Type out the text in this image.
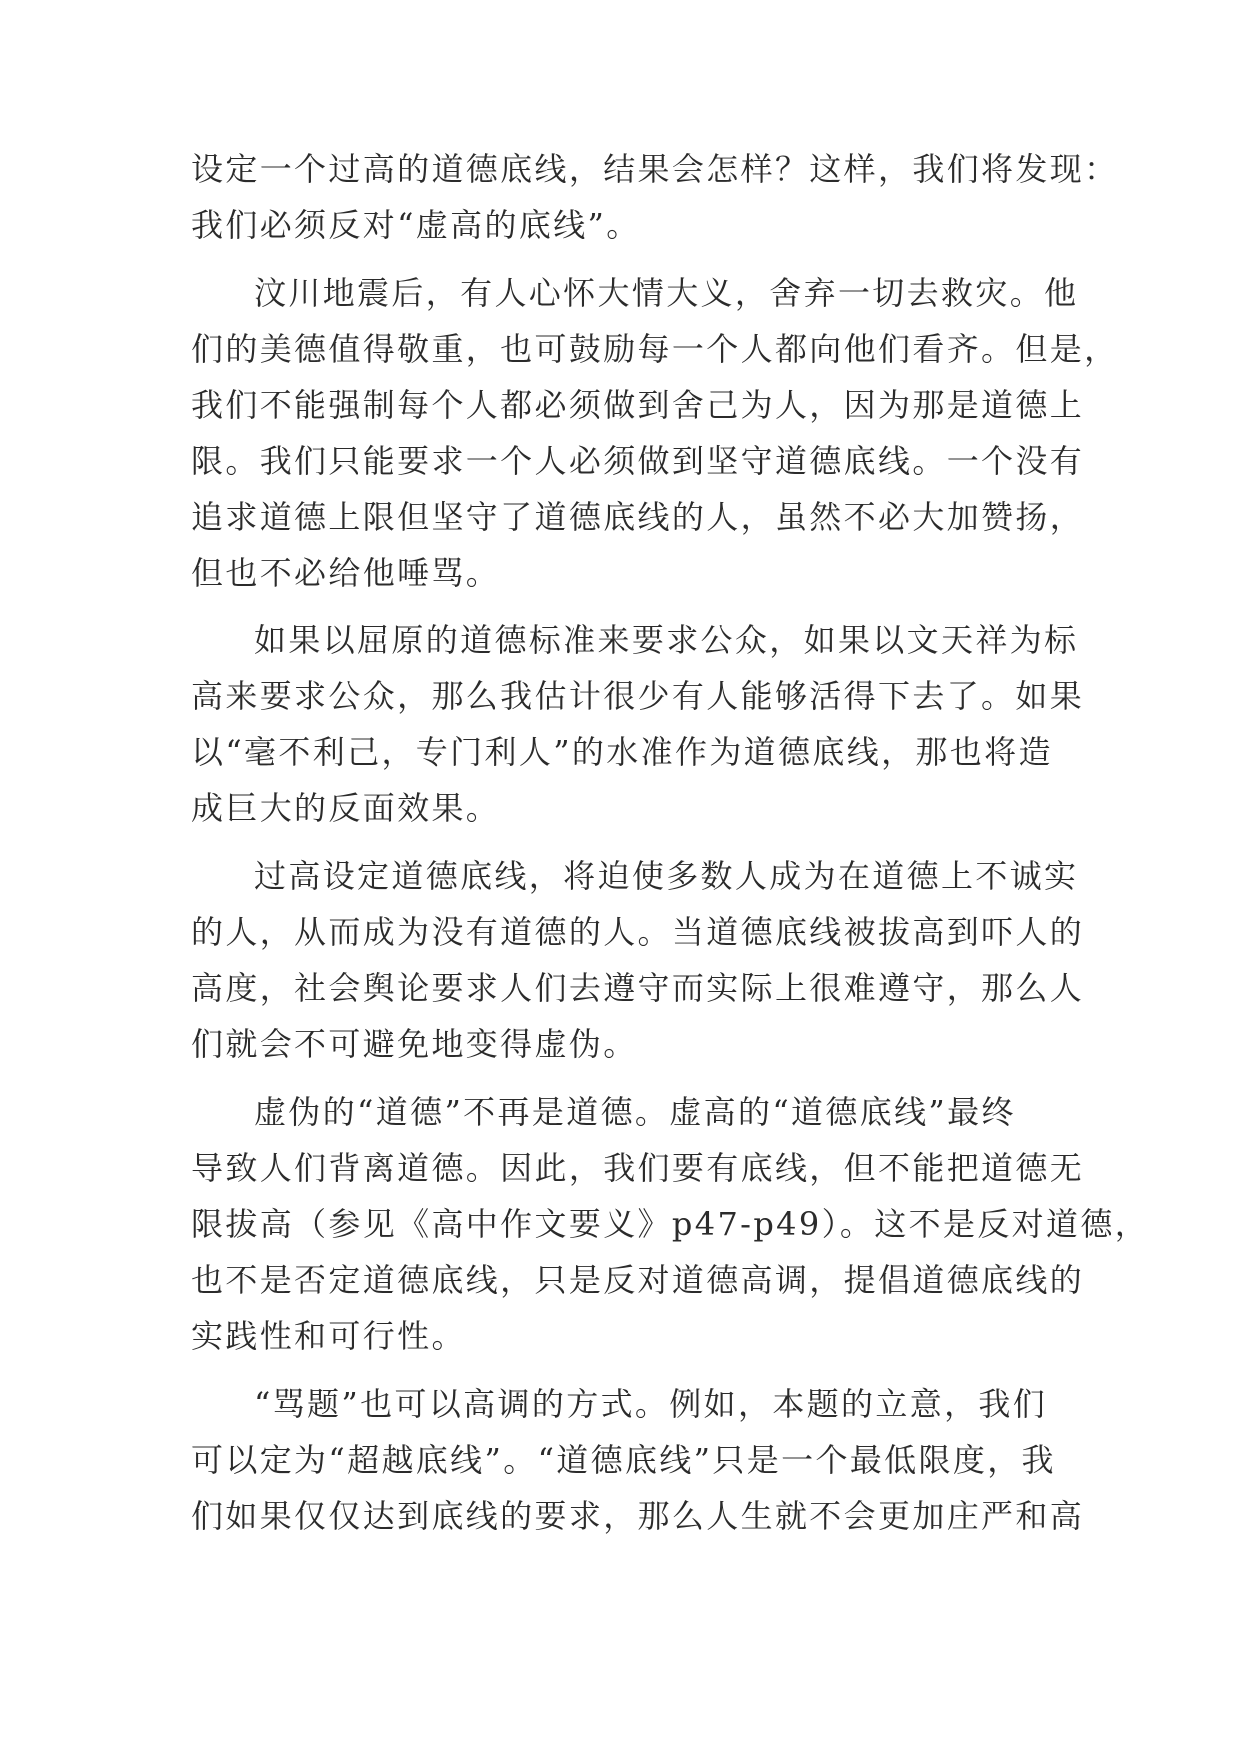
设定一个过高的道德底线，结果会怎样？这样，我们将发现：

我们必须反对“虚高的底线”。

汶川地震后，有人心怀大情大义，舍弃一切去救灾。他

们的美德值得敬重，也可鼓励每一个人都向他们看齐。但是，

我们不能强制每个人都必须做到舍己为人，因为那是道德上

限。我们只能要求一个人必须做到坚守道德底线。一个没有

追求道德上限但坚守了道德底线的人，虽然不必大加赞扬，

但也不必给他唾骂。

如果以屈原的道德标准来要求公众，如果以文天祥为标

高来要求公众，那么我估计很少有人能够活得下去了。如果

以“毫不利己，专门利人”的水准作为道德底线，那也将造

成巨大的反面效果。

过高设定道德底线，将迫使多数人成为在道德上不诚实

的人，从而成为没有道德的人。当道德底线被拔高到吓人的

高度，社会舆论要求人们去遵守而实际上很难遵守，那么人

们就会不可避免地变得虚伪。

虚伪的“道德”不再是道德。虚高的“道德底线”最终

导致人们背离道德。因此，我们要有底线，但不能把道德无

限拔高（参见《高中作文要义》p47-p49）。这不是反对道德，

也不是否定道德底线，只是反对道德高调，提倡道德底线的

实践性和可行性。

“骂题”也可以高调的方式。例如，本题的立意，我们

可以定为“超越底线”。“道德底线”只是一个最低限度，我

们如果仅仅达到底线的要求，那么人生就不会更加庄严和高
